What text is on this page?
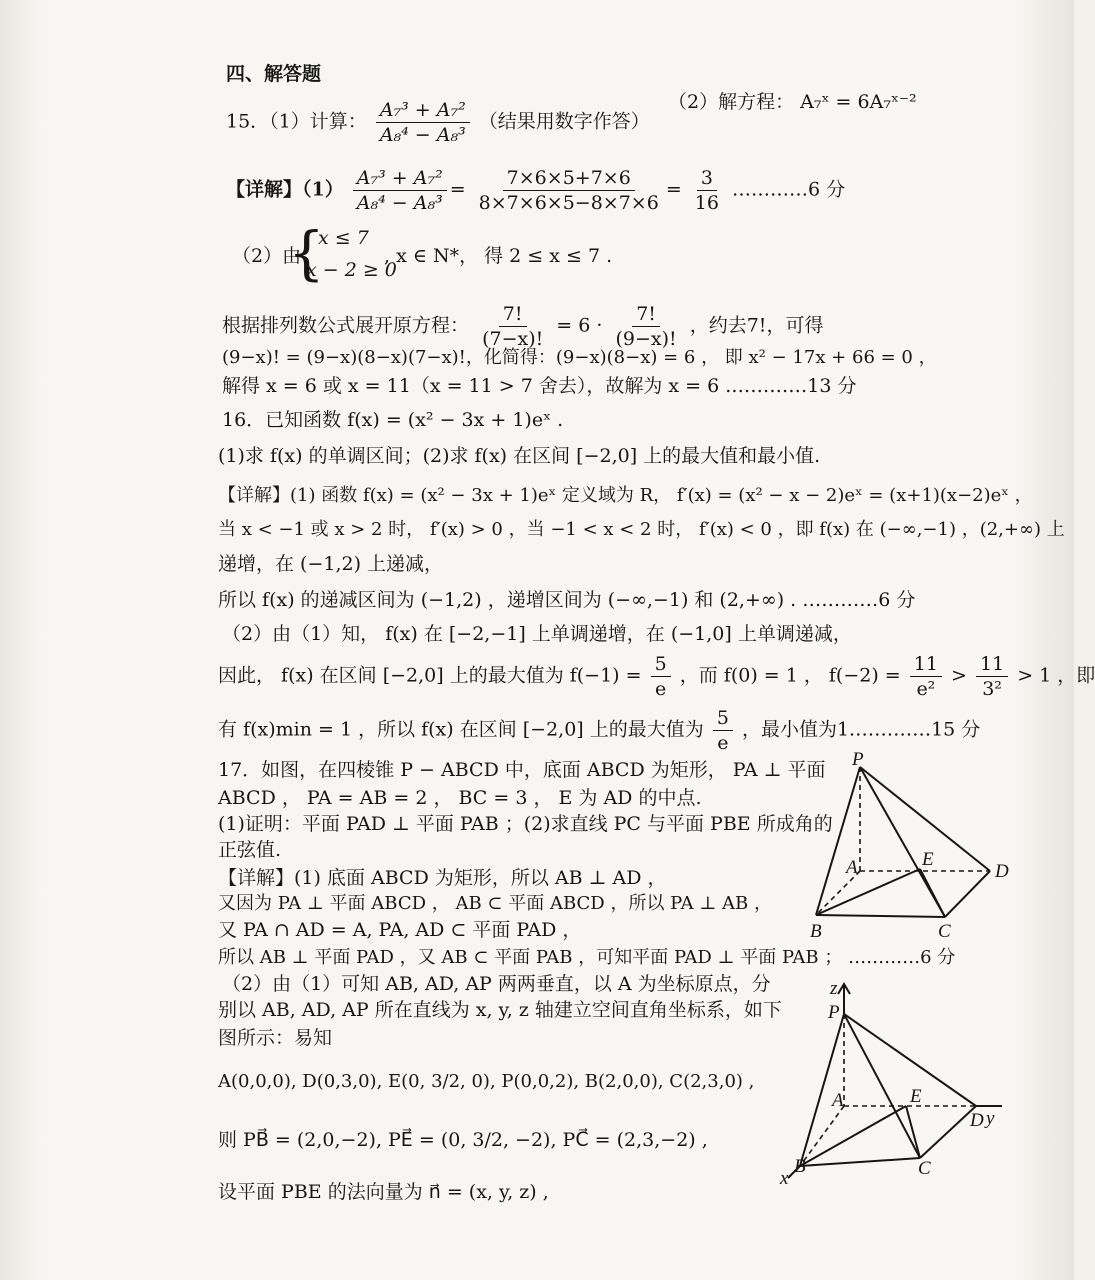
四、解答题
15．（1）计算： $\frac{\text{A₇³ + A₇²}}{\text{A₈⁴ − A₈³}}$ （结果用数字作答）
（2）解方程： A₇ˣ = 6A₇ˣ⁻²
【详解】$(1) \frac{\text{A₇³ + A₇²}}{\text{A₈⁴ − A₈³}} = \frac{7\times 6\times 5+7\times 6}{8\times 7\times 6\times 5-8\times 7\times 6} = \frac{3}{16}$ …………6 分
（2）由
{
x ≤ 7
x − 2 ≥ 0
, x ∈ N*， 得 2 ≤ x ≤ 7 .
根据排列数公式展开原方程： $\frac{7!}{(7-x)!} = 6 \cdot \frac{7!}{(9-x)!}$ ，约去7!，可得
(9−x)! = (9−x)(8−x)(7−x)!，化简得：(9−x)(8−x) = 6 ， 即 x² − 17x + 66 = 0 ，
解得 x = 6 或 x = 11（x = 11 > 7 舍去），故解为 x = 6 .…………13 分
16．已知函数 f(x) = (x² − 3x + 1)eˣ .
(1)求 f(x) 的单调区间；(2)求 f(x) 在区间 [−2,0] 上的最大值和最小值.
【详解】(1) 函数 f(x) = (x² − 3x + 1)eˣ 定义域为 R， f′(x) = (x² − x − 2)eˣ = (x+1)(x−2)eˣ ，
当 x < −1 或 x > 2 时， f′(x) > 0 ，当 −1 < x < 2 时， f′(x) < 0 ，即 f(x) 在 (−∞,−1) ，(2,+∞) 上
递增，在 (−1,2) 上递减，
所以 f(x) 的递减区间为 (−1,2) ，递增区间为 (−∞,−1) 和 (2,+∞) . …………6 分
（2）由（1）知， f(x) 在 [−2,−1] 上单调递增，在 (−1,0] 上单调递减，
因此， f(x) 在区间 [−2,0] 上的最大值为 $f(-1) = \frac{5}{e}$ ，而 f(0) = 1 ， $f(-2) = \frac{11}{\text{e²}} > \frac{11}{\text{3²}} > 1$ ，即
有 f(x)min = 1 ，所以 f(x) 在区间 [−2,0] 上的最大值为 $\frac{5}{e}$ ，最小值为1.…………15 分
17．如图，在四棱锥 P − ABCD 中，底面 ABCD 为矩形， PA ⊥ 平面
ABCD ， PA = AB = 2 ， BC = 3 ， E 为 AD 的中点.
(1)证明：平面 PAD ⊥ 平面 PAB ；(2)求直线 PC 与平面 PBE 所成角的
正弦值.
【详解】(1) 底面 ABCD 为矩形，所以 AB ⊥ AD ，
又因为 PA ⊥ 平面 ABCD ， AB ⊂ 平面 ABCD ，所以 PA ⊥ AB ，
又 PA ∩ AD = A, PA, AD ⊂ 平面 PAD ，
所以 AB ⊥ 平面 PAD ，又 AB ⊂ 平面 PAB ，可知平面 PAD ⊥ 平面 PAB ； …………6 分
（2）由（1）可知 AB, AD, AP 两两垂直，以 A 为坐标原点，分
别以 AB, AD, AP 所在直线为 x, y, z 轴建立空间直角坐标系，如下
图所示：易知
A(0,0,0), D(0,3,0), E(0, 3/2, 0), P(0,0,2), B(2,0,0), C(2,3,0) ,
则 PB⃗ = (2,0,−2), PE⃗ = (0, 3/2, −2), PC⃗ = (2,3,−2) ,
设平面 PBE 的法向量为 n⃗ = (x, y, z) ,
P
A	E
D
B	C
z
P
A	E
D y
B	C
x
